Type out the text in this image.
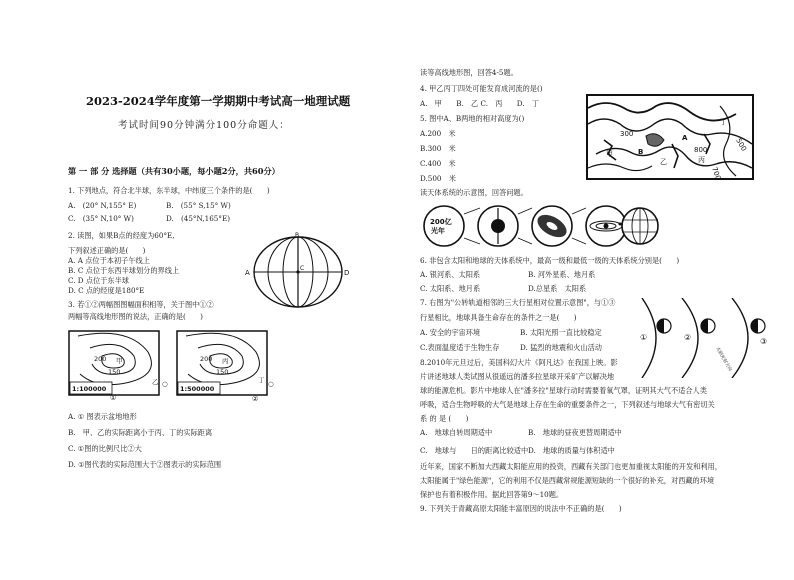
2023-2024学年度第一学期期中考试高一地理试题
考试时间90分钟满分100分命题人：
第 一 部 分 选择题（共有30小题，每小题2分，共60分）
1. 下列地点，符合北半球，东半球，中纬度三个条件的是(　　)
A.　(20° N,155° E)	B.　(55° S,15° W)
C.　(35° N,10° W)	D.　(45°N,165°E)
2. 读图，如果B点的经度为60°E,
下列叙述正确的是(　　)
A. A 点位于本初子午线上
B. C 点位于东西半球划分的界线上
C. D 点位于东半球
D. C 点的经度是180°E
A
B
C
D
3. 若①②两幅图图幅面积相等，关于图中①②
两幅等高线地形图的说法，正确的是(　　)
200
150
甲
乙 ○
1:100000
①
200
150
丙
丁 ○
1:500000
②
A. ① 图表示盆地地形
B.　甲、乙的实际距离小于丙、丁的实际距离
C. ①图的比例尺比②大
D. ①图代表的实际范围大于②图表示的实际范围
读等高线地形图，回答4-5题。
4. 甲乙丙丁四处可能发育成河流的是()
A.　甲　　B.　乙 C.　丙　　D.　丁
5. 图中A、B两地的相对高度为()
A.200　米
B.300　米
C.400　米
D.500　米
300
500
700
800
A
B
甲
乙	丙
丁
读天体系统的示意图，回答问题。
200亿
光年
6. 非包含太阳和地球的天体系统中，最高一级和最低一级的天体系统分别是(　　)
A. 银河系、太阳系	B. 河外星系、地月系
C. 太阳系、地月系	D.总星系　太阳系
7. 右图为"公转轨道相邻的三大行星相对位置示意图"，与①③
行星相比，地球具备生命存在的条件之一是(　　)
A. 安全的宇宙环境	B. 太阳光照一直比较稳定
C.表面温度适于生物生存	D. 猛烈的地震和火山活动
①	②	③
太阳光射方向
8.2010年元旦过后，美国科幻大片《阿凡达》在我国上映。影
片讲述地球人类试图从很遥远的潘多拉星球开采矿产以解决地
球的能源危机。影片中地球人在"潘多拉"星球行动时需要着氧气罩，证明其大气不适合人类
呼吸，适合生物呼吸的大气是地球上存在生命的重要条件之一，下列叙述与地球大气有密切关
系 的 是 (　　)
A.　地球自转周期适中	B.　地球的昼夜更替周期适中
C.　地球与　　日的距离比较适中 D.　地球的质量与体积适中
近年来，国家不断加大西藏太阳能应用的投资，西藏有关部门也更加重视太阳能的开发和利用，
太阳能属于"绿色能源"，它的利用不仅是西藏常规能源短缺的一个很好的补充，对西藏的环境
保护也有着积极作用。据此回答第9～10题。
9. 下列关于青藏高原太阳能丰富原因的说法中不正确的是(　　)
